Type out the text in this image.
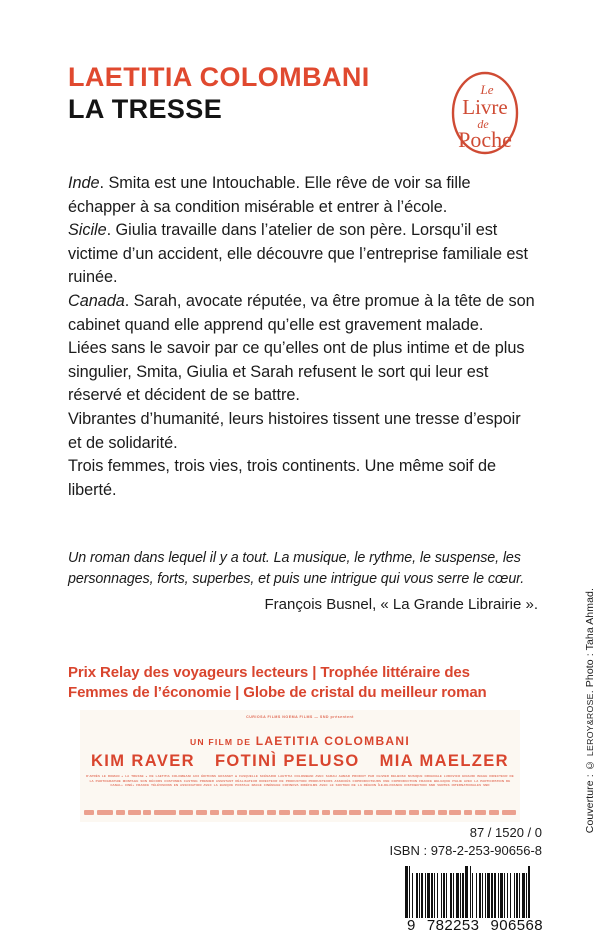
LAETITIA COLOMBANI
LA TRESSE
Le
Livre
de
Poche

Inde. Smita est une Intouchable. Elle rêve de voir sa fille échapper à sa condition misérable et entrer à l’école.

Sicile. Giulia travaille dans l’atelier de son père. Lorsqu’il est victime d’un accident, elle découvre que l’entreprise familiale est ruinée.

Canada. Sarah, avocate réputée, va être promue à la tête de son cabinet quand elle apprend qu’elle est gravement malade.

Liées sans le savoir par ce qu’elles ont de plus intime et de plus singulier, Smita, Giulia et Sarah refusent le sort qui leur est réservé et décident de se battre.

Vibrantes d’humanité, leurs histoires tissent une tresse d’espoir et de solidarité.

Trois femmes, trois vies, trois continents. Une même soif de liberté.

Un roman dans lequel il y a tout. La musique, le rythme, le suspense, les personnages, forts, superbes, et puis une intrigue qui vous serre le cœur.

François Busnel, « La Grande Librairie ».

Prix Relay des voyageurs lecteurs | Trophée littéraire des

Femmes de l’économie | Globe de cristal du meilleur roman

CURIOSA FILMS NOEMA FILMS — SND présentent
UN FILM DE LAETITIA COLOMBANI
KIM RAVER FOTINÌ PELUSO MIA MAELZER
D’APRÈS LE ROMAN « LA TRESSE » DE LAETITIA COLOMBANI AUX ÉDITIONS GRASSET & FASQUELLE SCÉNARIO LAETITIA COLOMBANI AVEC SARAH AHMAD PRODUIT PAR OLIVIER DELBOSC MUSIQUE ORIGINALE LUDOVICO EINAUDI IMAGE DIRECTEUR DE LA PHOTOGRAPHIE MONTAGE SON DÉCORS COSTUMES CASTING PREMIER ASSISTANT RÉALISATEUR DIRECTEUR DE PRODUCTION PRODUCTEURS ASSOCIÉS COPRODUCTEURS UNE COPRODUCTION FRANCE BELGIQUE ITALIE AVEC LA PARTICIPATION DE CANAL+ CINÉ+ FRANCE TÉLÉVISIONS EN ASSOCIATION AVEC LA BANQUE POSTALE IMAGE CINÉMAGE COFINOVA INDÉFILMS AVEC LE SOUTIEN DE LA RÉGION ÎLE-DE-FRANCE DISTRIBUTION SND VENTES INTERNATIONALES SND
87 / 1520 / 0
ISBN : 978-2-253-90656-8
9 782253 906568
Couverture : © LEROY&ROSE. Photo : Taha Ahmad.
